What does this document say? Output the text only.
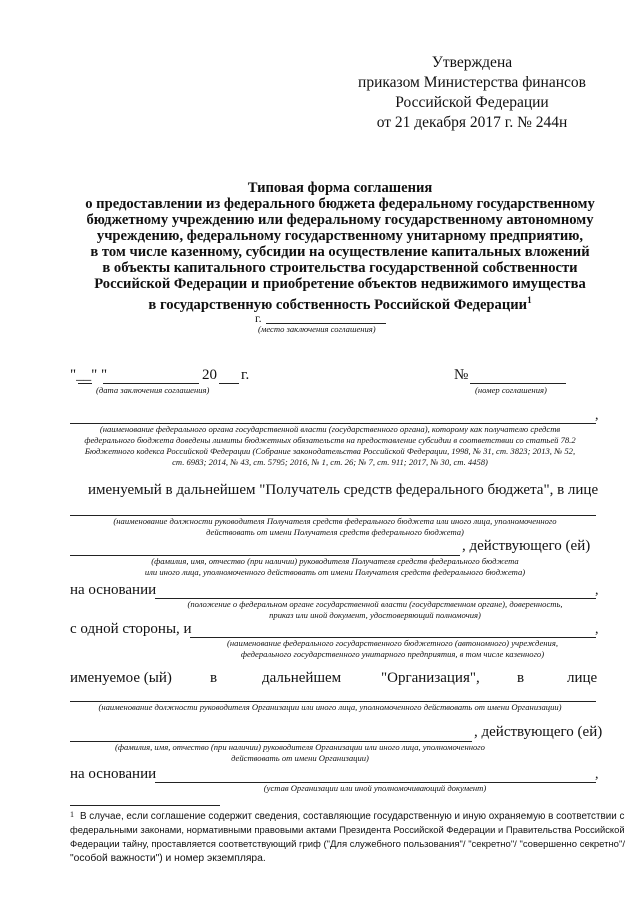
Утверждена
приказом Министерства финансов
Российской Федерации
от 21 декабря 2017 г. № 244н
Типовая форма соглашения
о предоставлении из федерального бюджета федеральному государственному
бюджетному учреждению или федеральному государственному автономному
учреждению, федеральному государственному унитарному предприятию,
в том числе казенному, субсидии на осуществление капитальных вложений
в объекты капитального строительства государственной собственности
Российской Федерации и приобретение объектов недвижимого имущества
в государственную собственность Российской Федерации$^1$
г.
(место заключения соглашения)
"__" "	20 г.
(дата заключения соглашения)
№
(номер соглашения)
,
(наименование федерального органа государственной власти (государственного органа), которому как получателю средств
федерального бюджета доведены лимиты бюджетных обязательств на предоставление субсидии в соответствии со статьей 78.2
Бюджетного кодекса Российской Федерации (Собрание законодательства Российской Федерации, 1998, № 31, ст. 3823; 2013, № 52,
ст. 6983; 2014, № 43, ст. 5795; 2016, № 1, ст. 26; № 7, ст. 911; 2017, № 30, ст. 4458)
именуемый в дальнейшем "Получатель средств федерального бюджета", в лице
(наименование должности руководителя Получателя средств федерального бюджета или иного лица, уполномоченного
действовать от имени Получателя средств федерального бюджета)
, действующего (ей)
(фамилия, имя, отчество (при наличии) руководителя Получателя средств федерального бюджета
или иного лица, уполномоченного действовать от имени Получателя средств федерального бюджета)
на основании	,
(положение о федеральном органе государственной власти (государственном органе), доверенность,
приказ или иной документ, удостоверяющий полномочия)
с одной стороны, и	,
(наименование федерального государственного бюджетного (автономного) учреждения,
федерального государственного унитарного предприятия, в том числе казенного)
именуемое (ый)	в	дальнейшем	"Организация", в	лице
(наименование должности руководителя Организации или иного лица, уполномоченного действовать от имени Организации)
, действующего (ей)
(фамилия, имя, отчество (при наличии) руководителя Организации или иного лица, уполномоченного
действовать от имени Организации)
на основании	,
(устав Организации или иной уполномочивающий документ)
1 В случае, если соглашение содержит сведения, составляющие государственную и иную охраняемую в соответствии с
федеральными законами, нормативными правовыми актами Президента Российской Федерации и Правительства Российской
Федерации тайну, проставляется соответствующий гриф ("Для служебного пользования"/ "секретно"/ "совершенно секретно"/
"особой важности") и номер экземпляра.
